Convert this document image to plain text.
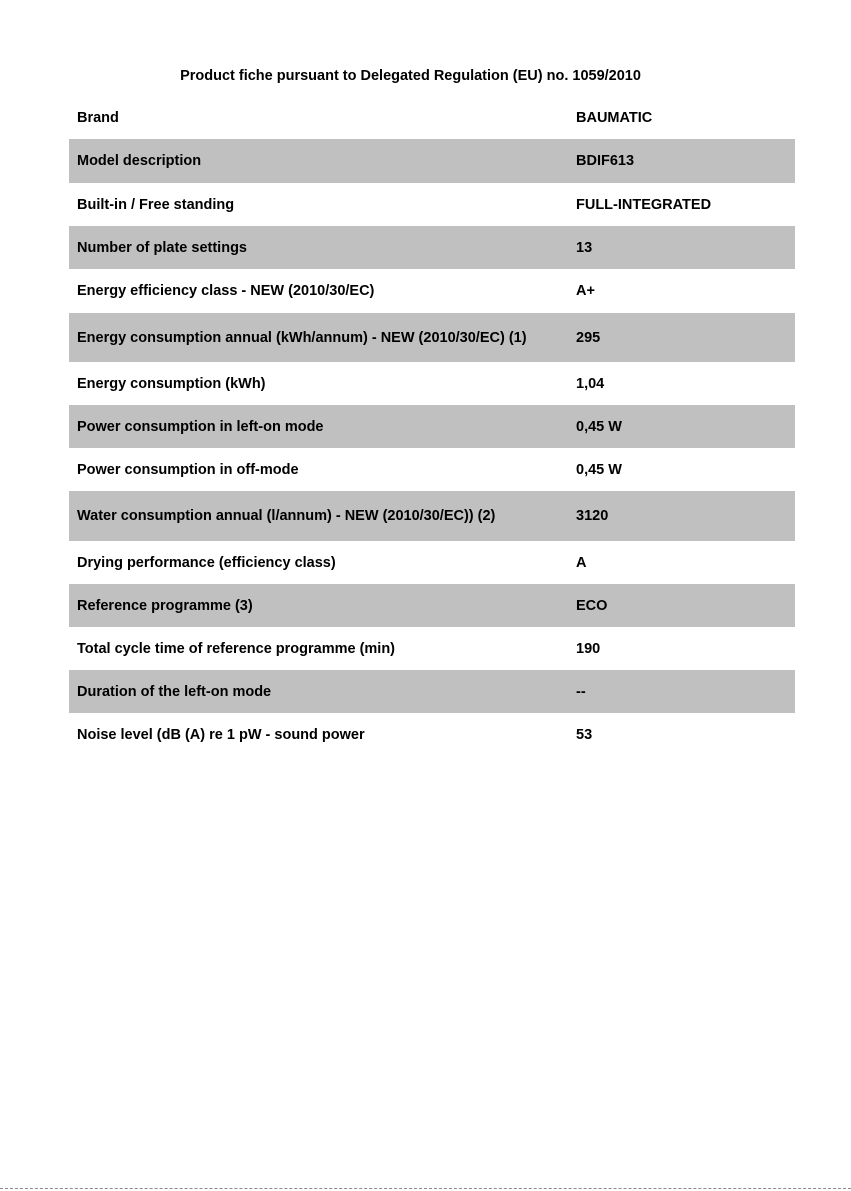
Product fiche pursuant to Delegated Regulation (EU) no. 1059/2010
Brand	BAUMATIC
Model description	BDIF613
Built-in / Free standing	FULL-INTEGRATED
Number of plate settings	13
Energy efficiency class - NEW (2010/30/EC)	A+
Energy consumption annual (kWh/annum) - NEW (2010/30/EC) (1)	295
Energy consumption (kWh)	1,04
Power consumption in left-on mode	0,45 W
Power consumption in off-mode	0,45 W
Water consumption annual (l/annum) - NEW (2010/30/EC)) (2)	3120
Drying performance (efficiency class)	A
Reference programme (3)	ECO
Total cycle time of reference programme (min)	190
Duration of the left-on mode	--
Noise level (dB (A) re 1 pW - sound power	53
